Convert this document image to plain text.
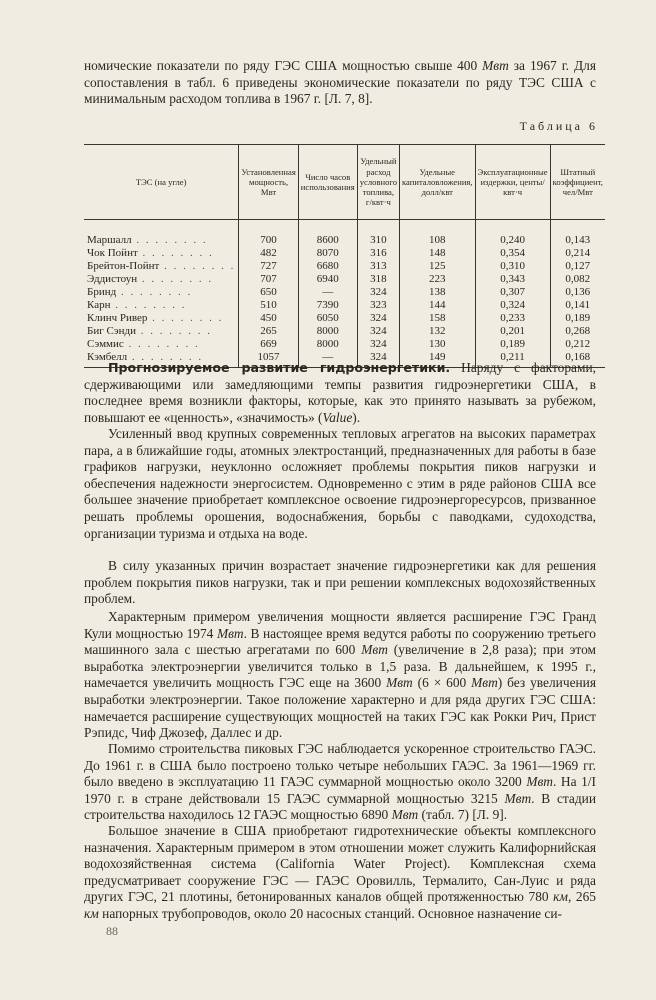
номические показатели по ряду ГЭС США мощностью свыше 400 Мвт за 1967 г. Для сопоставления в табл. 6 приведены экономические показатели по ряду ТЭС США с минимальным расходом топлива в 1967 г. [Л. 7, 8].

Таблица 6
ТЭС (на угле)	Установленная мощность, Мвт	Число часов использования	Удельный расход условного топлива, г/квт·ч	Удельные капиталовложения, долл/квт	Эксплуатационные издержки, центы/квт·ч	Штатный коэффициент, чел/Мвт
Маршалл . . . . . . . .	700	8600	310	108	0,240	0,143
Чок Пойнт . . . . . . . .	482	8070	316	148	0,354	0,214
Брейтон-Пойнт . . . . . . . .	727	6680	313	125	0,310	0,127
Эддистоун . . . . . . . .	707	6940	318	223	0,343	0,082
Бринд . . . . . . . .	650	—	324	138	0,307	0,136
Карн . . . . . . . .	510	7390	323	144	0,324	0,141
Клинч Ривер . . . . . . . .	450	6050	324	158	0,233	0,189
Биг Сэнди . . . . . . . .	265	8000	324	132	0,201	0,268
Сэммис . . . . . . . .	669	8000	324	130	0,189	0,212
Кэмбелл . . . . . . . .	1057	—	324	149	0,211	0,168

Прогнозируемое развитие гидроэнергетики. Наряду с факторами, сдерживающими или замедляющими темпы развития гидроэнергетики США, в последнее время возникли факторы, которые, как это принято называть за рубежом, повышают ее «ценность», «значимость» (Value).

Усиленный ввод крупных современных тепловых агрегатов на высоких параметрах пара, а в ближайшие годы, атомных электростанций, предназначенных для работы в базе графиков нагрузки, неуклонно осложняет проблемы покрытия пиков нагрузки и обеспечения надежности энергосистем. Одновременно с этим в ряде районов США все большее значение приобретает комплексное освоение гидроэнергоресурсов, призванное решать проблемы орошения, водоснабжения, борьбы с паводками, судоходства, организации туризма и отдыха на воде.

В силу указанных причин возрастает значение гидроэнергетики как для решения проблем покрытия пиков нагрузки, так и при решении комплексных водохозяйственных проблем.

Характерным примером увеличения мощности является расширение ГЭС Гранд Кули мощностью 1974 Мвт. В настоящее время ведутся работы по сооружению третьего машинного зала с шестью агрегатами по 600 Мвт (увеличение в 2,8 раза); при этом выработка электроэнергии увеличится только в 1,5 раза. В дальнейшем, к 1995 г., намечается увеличить мощность ГЭС еще на 3600 Мвт (6 × 600 Мвт) без увеличения выработки электроэнергии. Такое положение характерно и для ряда других ГЭС США: намечается расширение существующих мощностей на таких ГЭС как Рокки Рич, Прист Рэпидс, Чиф Джозеф, Даллес и др.

Помимо строительства пиковых ГЭС наблюдается ускоренное строительство ГАЭС. До 1961 г. в США было построено только четыре небольших ГАЭС. За 1961—1969 гг. было введено в эксплуатацию 11 ГАЭС суммарной мощностью около 3200 Мвт. На 1/I 1970 г. в стране действовали 15 ГАЭС суммарной мощностью 3215 Мвт. В стадии строительства находилось 12 ГАЭС мощностью 6890 Мвт (табл. 7) [Л. 9].

Большое значение в США приобретают гидротехнические объекты комплексного назначения. Характерным примером в этом отношении может служить Калифорнийская водохозяйственная система (California Water Project). Комплексная схема предусматривает сооружение ГЭС — ГАЭС Оровилль, Термалито, Сан-Луис и ряда других ГЭС, 21 плотины, бетонированных каналов общей протяженностью 780 км, 265 км напорных трубопроводов, около 20 насосных станций. Основное назначение си-

88
